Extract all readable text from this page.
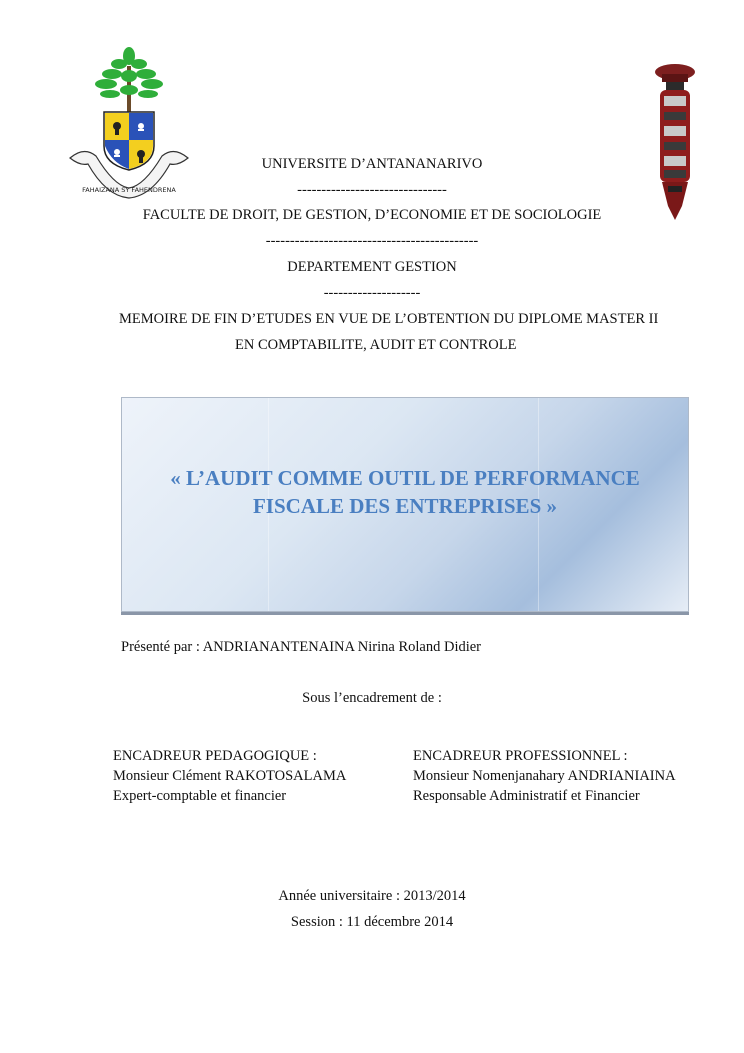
FAHAIZANA SY FAHENDRENA
UNIVERSITE D’ANTANANARIVO
-------------------------------
FACULTE DE DROIT, DE GESTION, D’ECONOMIE ET DE SOCIOLOGIE
--------------------------------------------
DEPARTEMENT GESTION
--------------------
MEMOIRE DE FIN D’ETUDES EN VUE DE L’OBTENTION DU DIPLOME MASTER II
EN COMPTABILITE, AUDIT ET CONTROLE
« L’AUDIT COMME OUTIL DE PERFORMANCE
FISCALE DES ENTREPRISES »
Présenté par : ANDRIANANTENAINA Nirina Roland Didier
Sous l’encadrement de :
ENCADREUR PEDAGOGIQUE :
Monsieur Clément RAKOTOSALAMA
Expert-comptable et financier
ENCADREUR PROFESSIONNEL :
Monsieur Nomenjanahary ANDRIANIAINA
Responsable Administratif et Financier
Année universitaire : 2013/2014
Session : 11 décembre 2014
